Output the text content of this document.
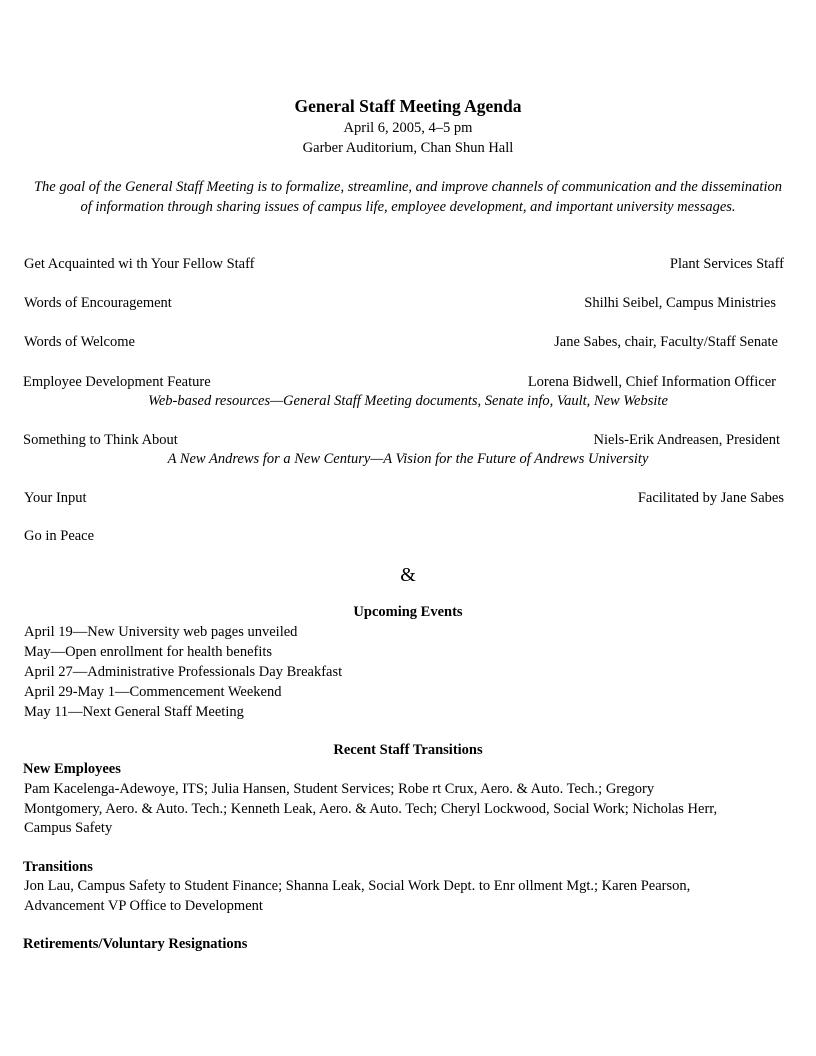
General Staff Meeting Agenda
April 6, 2005, 4–5 pm
Garber Auditorium, Chan Shun Hall
The goal of the General Staff Meeting is to formalize, streamline, and improve channels of communication and the dissemination of information through sharing issues of campus life, employee development, and important university messages.
Get Acquainted wi th Your Fellow Staff	Plant Services Staff
Words of Encouragement	Shilhi Seibel, Campus Ministries
Words of Welcome	Jane Sabes, chair, Faculty/Staff Senate
Employee Development Feature	Lorena Bidwell, Chief Information Officer
Web-based resources—General Staff Meeting documents, Senate info, Vault, New Website
Something to Think About	Niels-Erik Andreasen, President
A New Andrews for a New Century—A Vision for the Future of Andrews University
Your Input	Facilitated by Jane Sabes
Go in Peace
&
Upcoming Events
April 19—New University web pages unveiled
May—Open enrollment for health benefits
April 27—Administrative Professionals Day Breakfast
April 29-May 1—Commencement Weekend
May 11—Next General Staff Meeting
Recent Staff Transitions
New Employees
Pam Kacelenga-Adewoye, ITS; Julia Hansen, Student Services; Robe rt Crux, Aero. & Auto. Tech.; Gregory
Montgomery, Aero. & Auto. Tech.; Kenneth Leak, Aero. & Auto. Tech; Cheryl Lockwood, Social Work; Nicholas Herr,
Campus Safety
Transitions
Jon Lau, Campus Safety to Student Finance; Shanna Leak, Social Work Dept. to Enr ollment Mgt.; Karen Pearson,
Advancement VP Office to Development
Retirements/Voluntary Resignations
